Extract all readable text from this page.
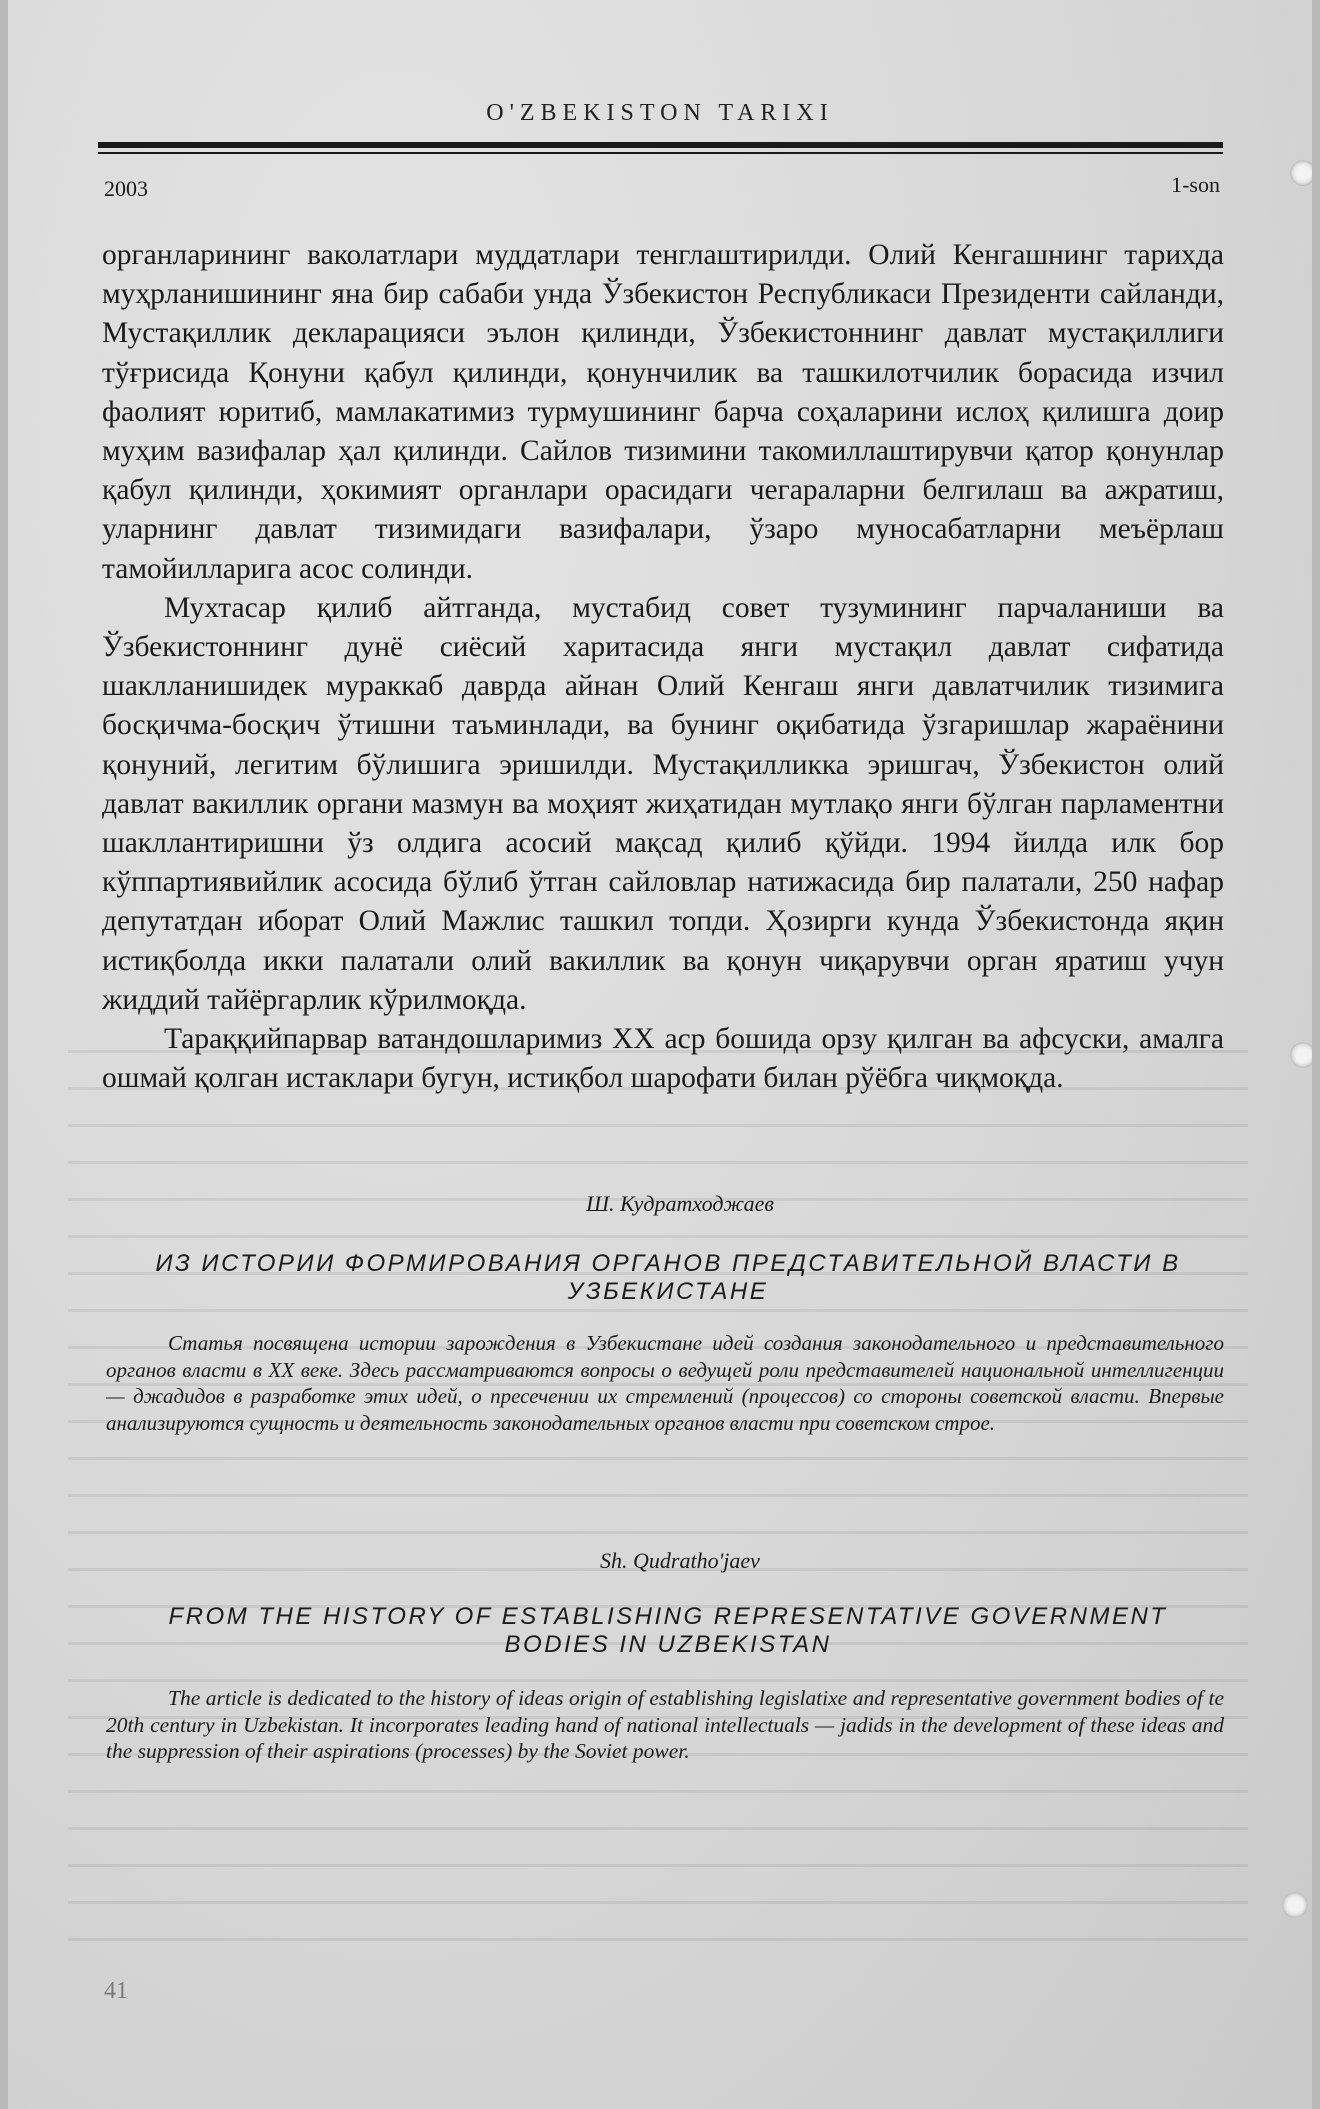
O'ZBEKISTON TARIXI
2003	1-son

органларининг ваколатлари муддатлари тенглаштирилди. Олий Кенгашнинг тарихда муҳрланишининг яна бир сабаби унда Ўзбекистон Республикаси Президенти сайланди, Мустақиллик декларацияси эълон қилинди, Ўзбекистоннинг давлат мустақиллиги тўғрисида Қонуни қабул қилинди, қонунчилик ва ташкилотчилик борасида изчил фаолият юритиб, мамлакатимиз турмушининг барча соҳаларини ислоҳ қилишга доир муҳим вазифалар ҳал қилинди. Сайлов тизимини такомиллаштирувчи қатор қонунлар қабул қилинди, ҳокимият органлари орасидаги чегараларни белгилаш ва ажратиш, уларнинг давлат тизимидаги вазифалари, ўзаро муносабатларни меъёрлаш тамойилларига асос солинди.

Мухтасар қилиб айтганда, мустабид совет тузумининг парчаланиши ва Ўзбекистоннинг дунё сиёсий харитасида янги мустақил давлат сифатида шаклланишидек мураккаб даврда айнан Олий Кенгаш янги давлатчилик тизимига босқичма-босқич ўтишни таъминлади, ва бунинг оқибатида ўзгаришлар жараёнини қонуний, легитим бўлишига эришилди. Мустақилликка эришгач, Ўзбекистон олий давлат вакиллик органи мазмун ва моҳият жиҳатидан мутлақо янги бўлган парламентни шакллантиришни ўз олдига асосий мақсад қилиб қўйди. 1994 йилда илк бор кўппартиявийлик асосида бўлиб ўтган сайловлар натижасида бир палатали, 250 нафар депутатдан иборат Олий Мажлис ташкил топди. Ҳозирги кунда Ўзбекистонда яқин истиқболда икки палатали олий вакиллик ва қонун чиқарувчи орган яратиш учун жиддий тайёргарлик кўрилмоқда.

Тараққийпарвар ватандошларимиз XX аср бошида орзу қилган ва афсуски, амалга ошмай қолган истаклари бугун, истиқбол шарофати билан рўёбга чиқмоқда.

Ш. Кудратходжаев
ИЗ ИСТОРИИ ФОРМИРОВАНИЯ ОРГАНОВ ПРЕДСТАВИТЕЛЬНОЙ ВЛАСТИ В УЗБЕКИСТАНЕ
Статья посвящена истории зарождения в Узбекистане идей создания законодательного и представительного органов власти в XX веке. Здесь рассматриваются вопросы о ведущей роли представителей национальной интеллигенции — джадидов в разработке этих идей, о пресечении их стремлений (процессов) со стороны советской власти. Впервые анализируются сущность и деятельность законодательных органов власти при советском строе.
Sh. Qudratho'jaev
FROM THE HISTORY OF ESTABLISHING REPRESENTATIVE GOVERNMENT BODIES IN UZBEKISTAN
The article is dedicated to the history of ideas origin of establishing legislatixe and representative government bodies of te 20th century in Uzbekistan. It incorporates leading hand of national intellectuals — jadids in the development of these ideas and the suppression of their aspirations (processes) by the Soviet power.
41
